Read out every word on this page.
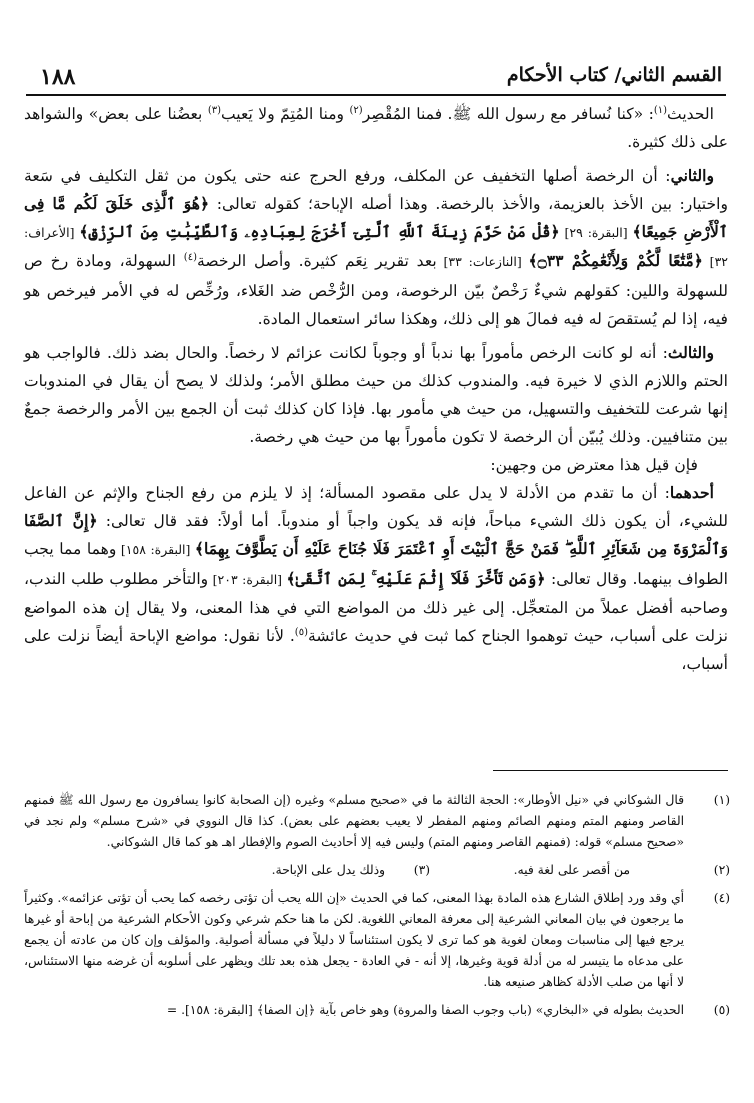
١٨٨	القسم الثاني/ كتاب الأحكام

الحديث$^{(١)}$: «كنا نُسافر مع رسول الله ﷺ. فمنا المُقْصِر$^{(٢)}$ ومنا المُتِمّ ولا يَعيب$^{(٣)}$ بعضُنا على بعض» والشواهد على ذلك كثيرة.

والثاني: أن الرخصة أصلها التخفيف عن المكلف، ورفع الحرج عنه حتى يكون من ثقل التكليف في سَعة واختيار: بين الأخذ بالعزيمة، والأخذ بالرخصة. وهذا أصله الإباحة؛ كقوله تعالى: ﴿هُوَ ٱلَّذِى خَلَقَ لَكُم مَّا فِى ٱلْأَرْضِ جَمِيعًا﴾ [البقرة: ٢٩] ﴿قُلْ مَنْ حَرَّمَ زِينَةَ ٱللَّهِ ٱلَّتِىٓ أَخْرَجَ لِعِبَادِهِۦ وَٱلطَّيِّبَٰتِ مِنَ ٱلرِّزْقِ﴾ [الأعراف: ٣٢] ﴿مَّتَٰعًا لَّكُمْ وَلِأَنْعَٰمِكُمْ ۝٣٣﴾ [النازعات: ٣٣] بعد تقرير نِعَم كثيرة. وأصل الرخصة$^{(٤)}$ السهولة، ومادة رخ ص للسهولة واللين: كقولهم شيءٌ رَخْصٌ بيّن الرخوصة، ومن الرُّخْص ضد الغَلاء، ورُخِّص له في الأمر فيرخص هو فيه، إذا لم يُستقصَ له فيه فمالَ هو إلى ذلك، وهكذا سائر استعمال المادة.

والثالث: أنه لو كانت الرخص مأموراً بها ندباً أو وجوباً لكانت عزائم لا رخصاً. والحال بضد ذلك. فالواجب هو الحتم واللازم الذي لا خيرة فيه. والمندوب كذلك من حيث مطلق الأمر؛ ولذلك لا يصح أن يقال في المندوبات إنها شرعت للتخفيف والتسهيل، من حيث هي مأمور بها. فإذا كان كذلك ثبت أن الجمع بين الأمر والرخصة جمعٌ بين متنافيين. وذلك يُبيّن أن الرخصة لا تكون مأموراً بها من حيث هي رخصة.

فإن قيل هذا معترض من وجهين:

أحدهما: أن ما تقدم من الأدلة لا يدل على مقصود المسألة؛ إذ لا يلزم من رفع الجناح والإثم عن الفاعل للشيء، أن يكون ذلك الشيء مباحاً، فإنه قد يكون واجباً أو مندوباً. أما أولاً: فقد قال تعالى: ﴿إِنَّ ٱلصَّفَا وَٱلْمَرْوَةَ مِن شَعَآئِرِ ٱللَّهِ ۖ فَمَنْ حَجَّ ٱلْبَيْتَ أَوِ ٱعْتَمَرَ فَلَا جُنَاحَ عَلَيْهِ أَن يَطَّوَّفَ بِهِمَا﴾ [البقرة: ١٥٨] وهما مما يجب الطواف بينهما. وقال تعالى: ﴿وَمَن تَأَخَّرَ فَلَآ إِثْمَ عَلَيْهِ ۚ لِمَنِ ٱتَّقَىٰ﴾ [البقرة: ٢٠٣] والتأخر مطلوب طلب الندب، وصاحبه أفضل عملاً من المتعجِّل. إلى غير ذلك من المواضع التي في هذا المعنى، ولا يقال إن هذه المواضع نزلت على أسباب، حيث توهموا الجناح كما ثبت في حديث عائشة$^{(٥)}$. لأنا نقول: مواضع الإباحة أيضاً نزلت على أسباب،

(١)
قال الشوكاني في «نيل الأوطار»: الحجة الثالثة ما في «صحيح مسلم» وغيره (إن الصحابة كانوا يسافرون مع رسول الله ﷺ فمنهم القاصر ومنهم المتم ومنهم الصائم ومنهم المفطر لا يعيب بعضهم على بعض). كذا قال النووي في «شرح مسلم» ولم نجد في «صحيح مسلم» قوله: (فمنهم القاصر ومنهم المتم) وليس فيه إلا أحاديث الصوم والإفطار اهـ هو كما قال الشوكاني.
(٢)
من أقصر على لغة فيه.
(٣)
وذلك يدل على الإباحة.
(٤)
أي وقد ورد إطلاق الشارع هذه المادة بهذا المعنى، كما في الحديث «إن الله يحب أن تؤتى رخصه كما يحب أن تؤتى عزائمه». وكثيراً ما يرجعون في بيان المعاني الشرعية إلى معرفة المعاني اللغوية. لكن ما هنا حكم شرعي وكون الأحكام الشرعية من إباحة أو غيرها يرجع فيها إلى مناسبات ومعان لغوية هو كما ترى لا يكون استئناساً لا دليلاً في مسألة أصولية. والمؤلف وإن كان من عادته أن يجمع على مدعاه ما يتيسر له من أدلة قوية وغيرها، إلا أنه - في العادة - يجعل هذه بعد تلك ويظهر على أسلوبه أن غرضه منها الاستئناس، لا أنها من صلب الأدلة كظاهر صنيعه هنا.
(٥)
الحديث بطوله في «البخاري» (باب وجوب الصفا والمروة) وهو خاص بآية ﴿إن الصفا﴾ [البقرة: ١٥٨]. =
